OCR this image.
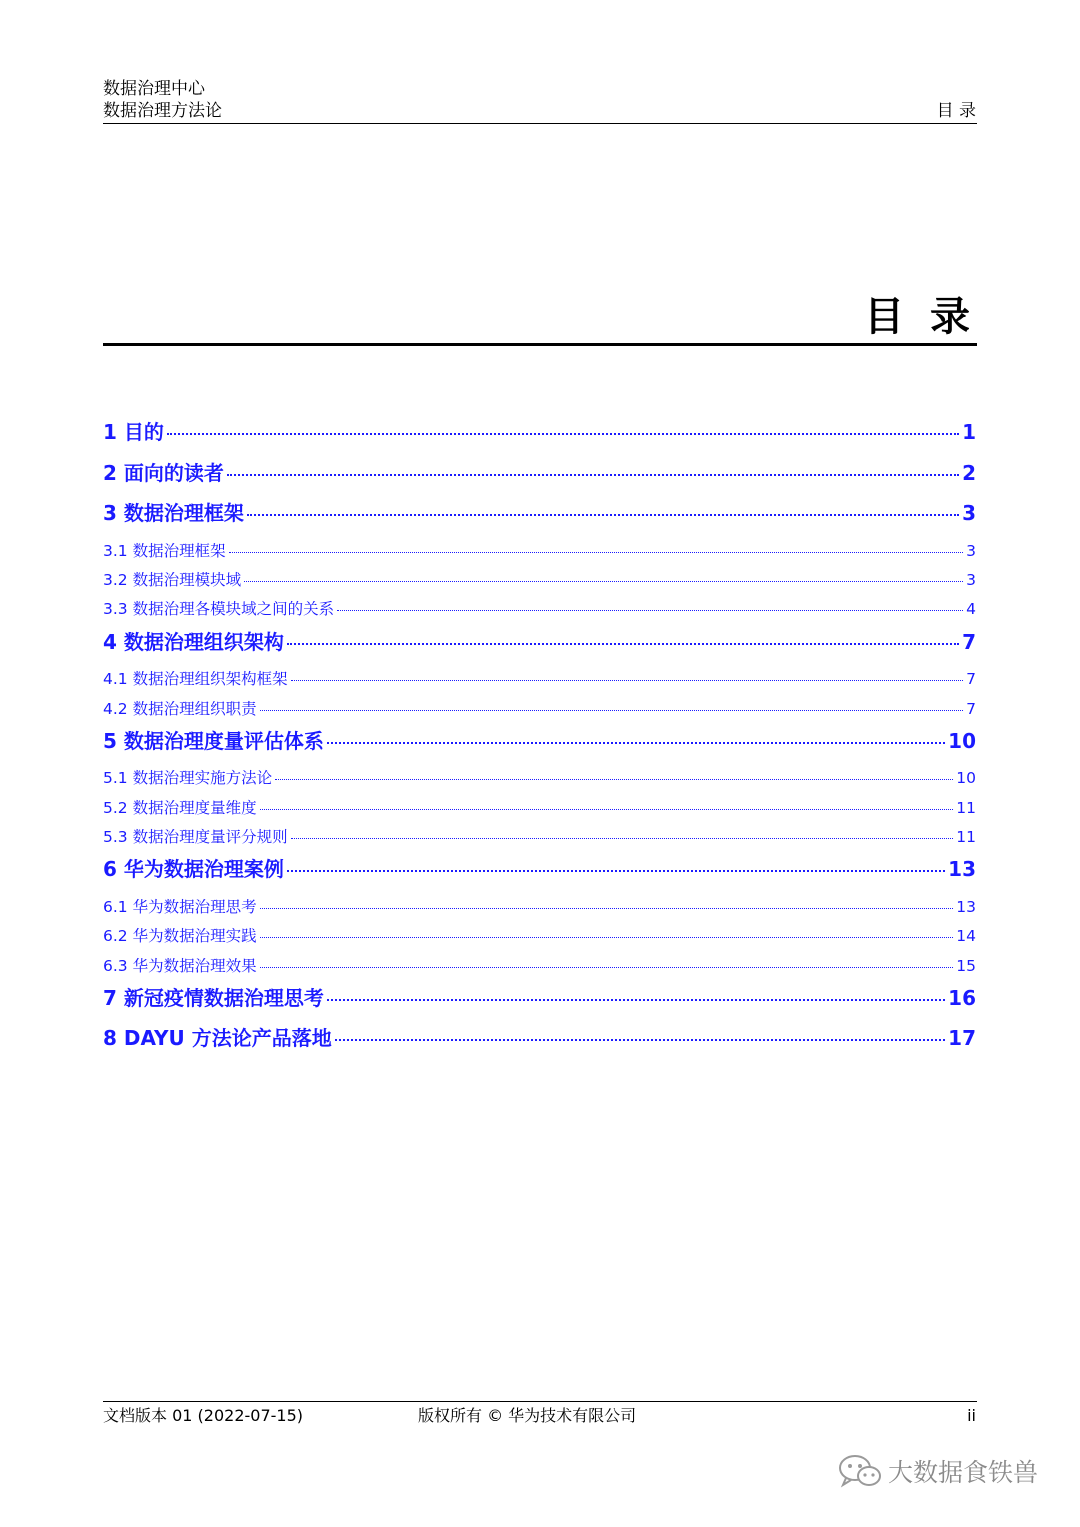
数据治理中心
数据治理方法论	目 录
目 录
1 目的	1
2 面向的读者	2
3 数据治理框架	3
3.1 数据治理框架	3
3.2 数据治理模块域	3
3.3 数据治理各模块域之间的关系	4
4 数据治理组织架构	7
4.1 数据治理组织架构框架	7
4.2 数据治理组织职责	7
5 数据治理度量评估体系	10
5.1 数据治理实施方法论	10
5.2 数据治理度量维度	11
5.3 数据治理度量评分规则	11
6 华为数据治理案例	13
6.1 华为数据治理思考	13
6.2 华为数据治理实践	14
6.3 华为数据治理效果	15
7 新冠疫情数据治理思考	16
8 DAYU 方法论产品落地	17
文档版本 01 (2022-07-15)	版权所有 © 华为技术有限公司	ii
大数据食铁兽
